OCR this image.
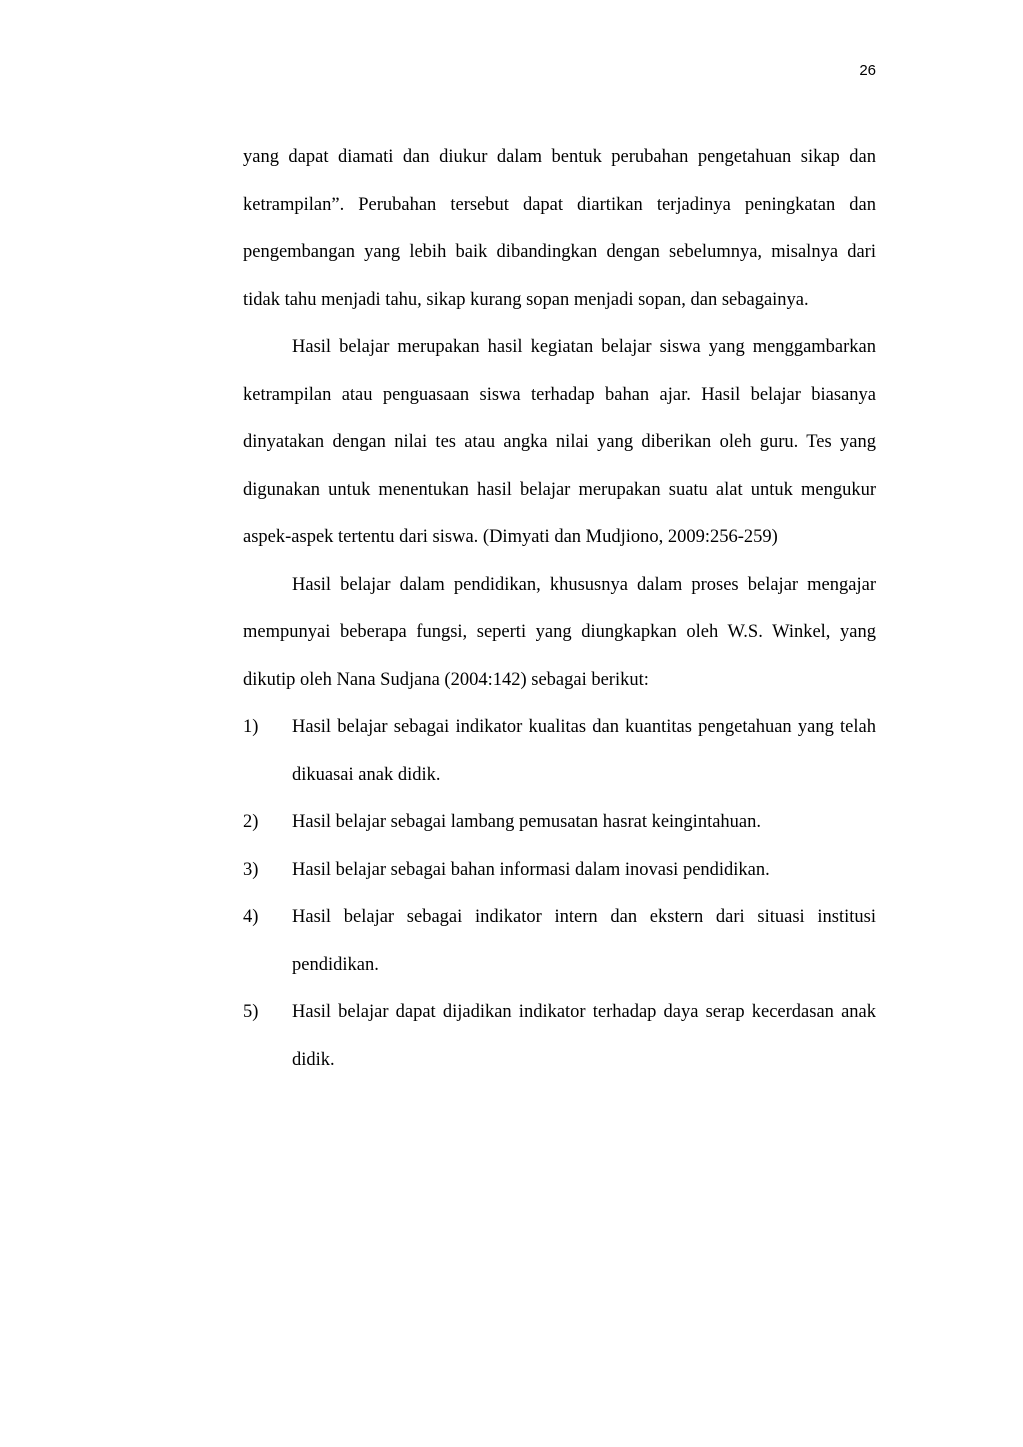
26

yang dapat diamati dan diukur dalam bentuk perubahan pengetahuan sikap dan ketrampilan”. Perubahan tersebut dapat diartikan terjadinya peningkatan dan pengembangan yang lebih baik dibandingkan dengan sebelumnya, misalnya dari tidak tahu menjadi tahu, sikap kurang sopan menjadi sopan, dan sebagainya.

Hasil belajar merupakan hasil kegiatan belajar siswa yang menggambarkan ketrampilan atau penguasaan siswa terhadap bahan ajar. Hasil belajar biasanya dinyatakan dengan nilai tes atau angka nilai yang diberikan oleh guru. Tes yang digunakan untuk menentukan hasil belajar merupakan suatu alat untuk mengukur aspek-aspek tertentu dari siswa. (Dimyati dan Mudjiono, 2009:256-259)

Hasil belajar dalam pendidikan, khususnya dalam proses belajar mengajar mempunyai beberapa fungsi, seperti yang diungkapkan oleh W.S. Winkel, yang dikutip oleh Nana Sudjana (2004:142) sebagai berikut:

1)	Hasil belajar sebagai indikator kualitas dan kuantitas pengetahuan yang telah dikuasai anak didik.
2)	Hasil belajar sebagai lambang pemusatan hasrat keingintahuan.
3)	Hasil belajar sebagai bahan informasi dalam inovasi pendidikan.
4)	Hasil belajar sebagai indikator intern dan ekstern dari situasi institusi pendidikan.
5)	Hasil belajar dapat dijadikan indikator terhadap daya serap kecerdasan anak didik.
